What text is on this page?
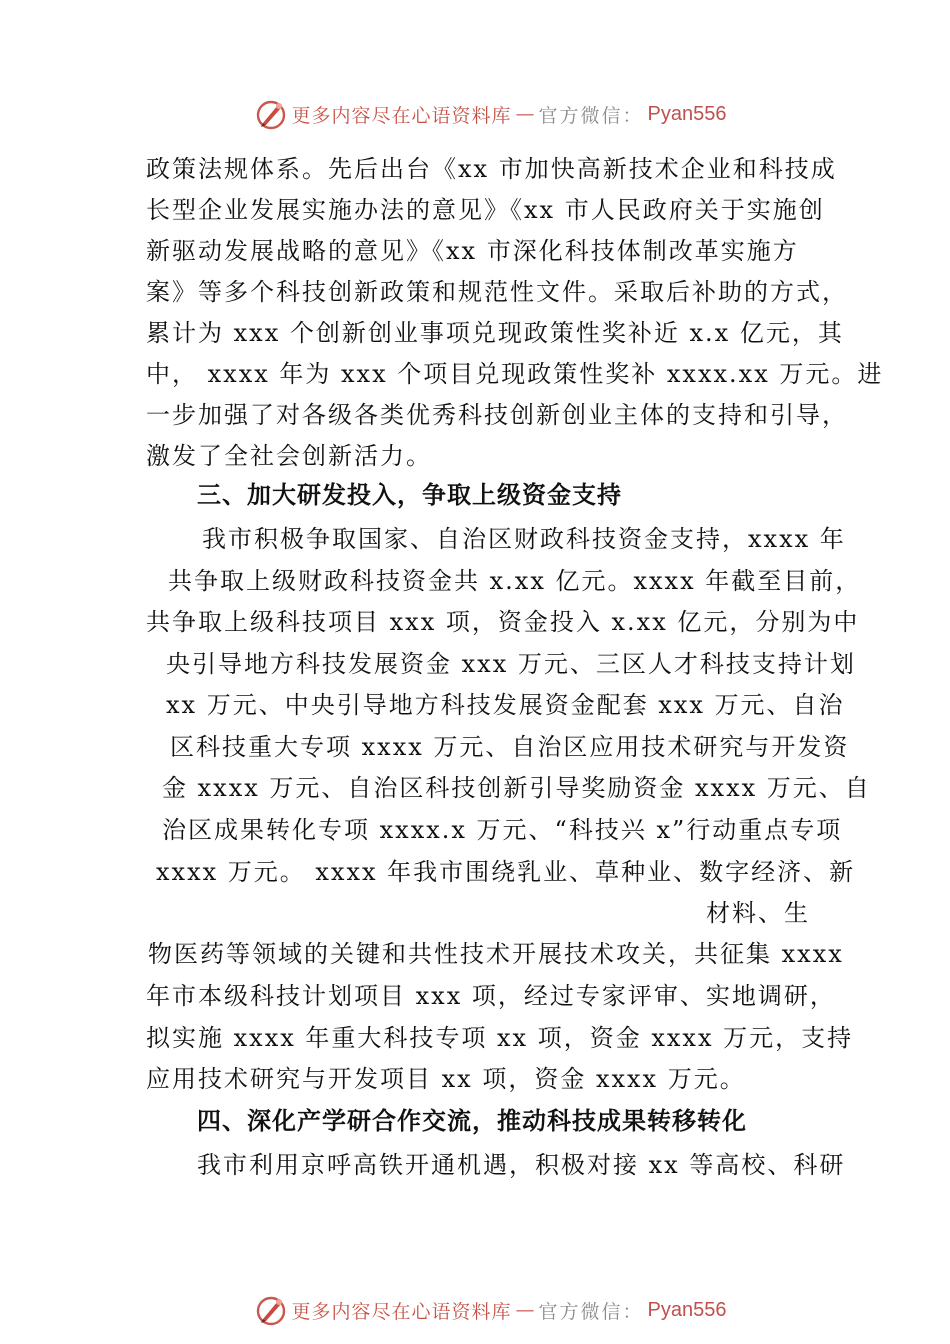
更多内容尽在心语资料库 — 官方微信： Pyan556
政策法规体系。先后出台《xx 市加快高新技术企业和科技成
长型企业发展实施办法的意见》《xx 市人民政府关于实施创
新驱动发展战略的意见》《xx 市深化科技体制改革实施方
案》等多个科技创新政策和规范性文件。采取后补助的方式，
累计为 xxx 个创新创业事项兑现政策性奖补近 x.x 亿元，其
中， xxxx 年为 xxx 个项目兑现政策性奖补 xxxx.xx 万元。进
一步加强了对各级各类优秀科技创新创业主体的支持和引导，
激发了全社会创新活力。
三、加大研发投入，争取上级资金支持
我市积极争取国家、自治区财政科技资金支持，xxxx 年
共争取上级财政科技资金共 x.xx 亿元。xxxx 年截至目前，
共争取上级科技项目 xxx 项，资金投入 x.xx 亿元，分别为中
央引导地方科技发展资金 xxx 万元、三区人才科技支持计划
xx 万元、中央引导地方科技发展资金配套 xxx 万元、自治
区科技重大专项 xxxx 万元、自治区应用技术研究与开发资
金 xxxx 万元、自治区科技创新引导奖励资金 xxxx 万元、自
治区成果转化专项 xxxx.x 万元、“科技兴 x”行动重点专项
xxxx 万元。 xxxx 年我市围绕乳业、草种业、数字经济、新
材料、生
物医药等领域的关键和共性技术开展技术攻关，共征集 xxxx
年市本级科技计划项目 xxx 项，经过专家评审、实地调研，
拟实施 xxxx 年重大科技专项 xx 项，资金 xxxx 万元，支持
应用技术研究与开发项目 xx 项，资金 xxxx 万元。
四、深化产学研合作交流，推动科技成果转移转化
我市利用京呼高铁开通机遇，积极对接 xx 等高校、科研
更多内容尽在心语资料库 — 官方微信： Pyan556
